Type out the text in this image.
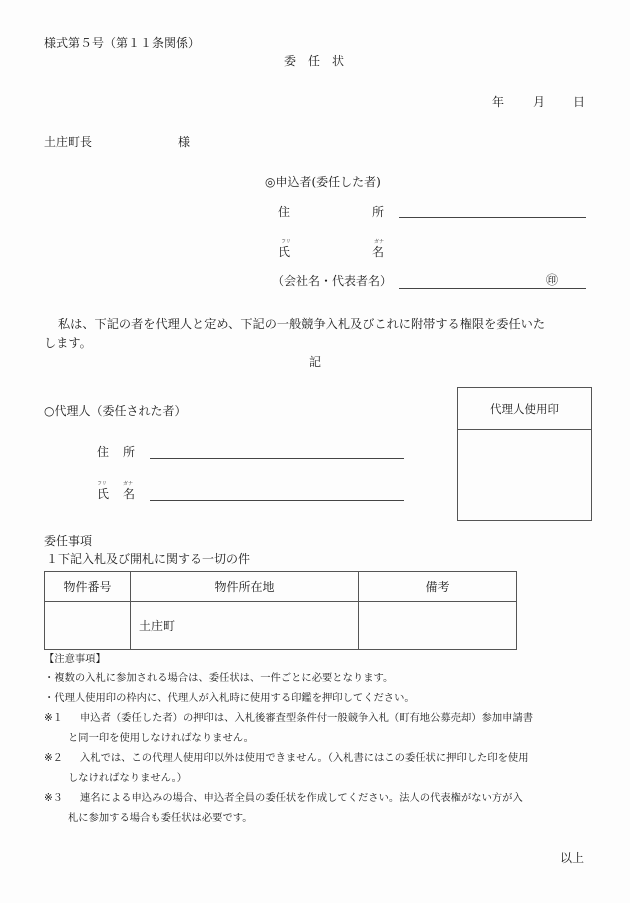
様式第５号（第１１条関係）
委　任　状
年 月 日
土庄町長	様
◎申込者(委任した者)
住	所
フリ	ガナ
氏	名
（会社名・代表者名）	㊞
私は、下記の者を代理人と定め、下記の一般競争入札及びこれに附帯する権限を委任いた
します。
記
○代理人（委任された者）
住 所
フリ	ガナ
氏 名
代理人使用印
委任事項
１下記入札及び開札に関する一切の件
物件番号	物件所在地	備考
	土庄町	
【注意事項】
・複数の入札に参加される場合は、委任状は、一件ごとに必要となります。
・代理人使用印の枠内に、代理人が入札時に使用する印鑑を押印してください。
※１ 申込者（委任した者）の押印は、入札後審査型条件付一般競争入札（町有地公募売却）参加申請書
と同一印を使用しなければなりません。
※２ 入札では、この代理人使用印以外は使用できません。（入札書にはこの委任状に押印した印を使用
しなければなりません。）
※３ 連名による申込みの場合、申込者全員の委任状を作成してください。法人の代表権がない方が入
札に参加する場合も委任状は必要です。
以上
